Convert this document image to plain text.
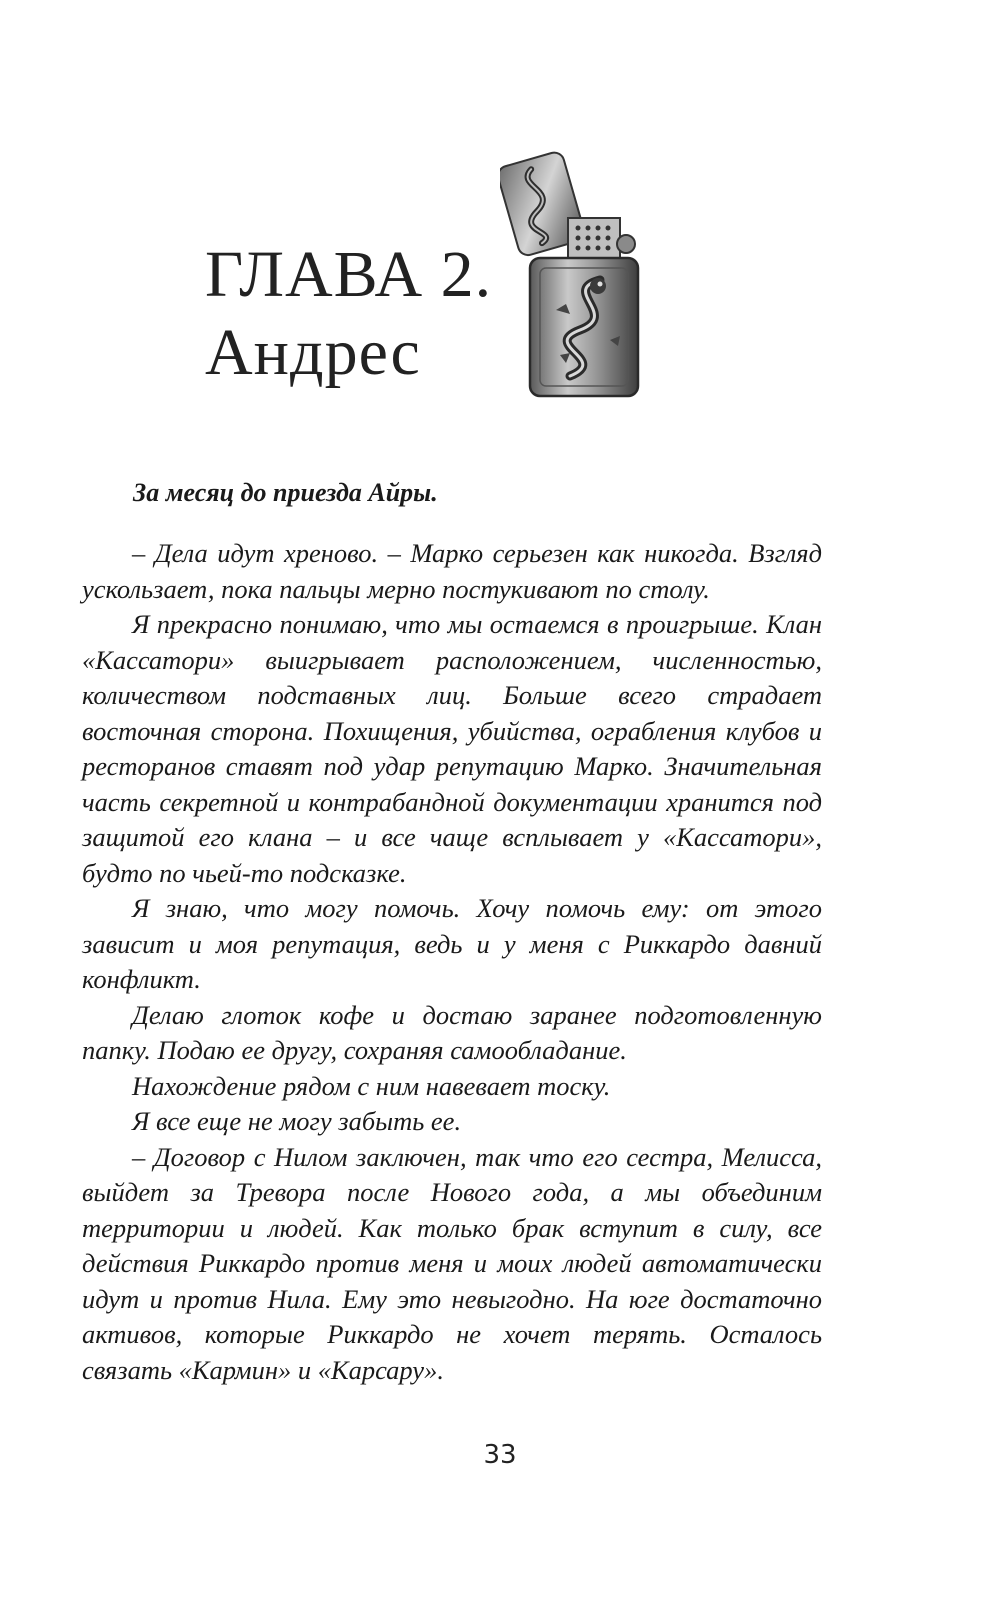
ГЛАВА 2.
Андрес

За месяц до приезда Айры.

– Дела идут хреново. – Марко серьезен как никогда. Взгляд ускользает, пока пальцы мерно постукивают по столу.

Я прекрасно понимаю, что мы остаемся в проигрыше. Клан «Кассатори» выигрывает расположением, численностью, количеством подставных лиц. Больше всего страдает восточная сторона. Похищения, убийства, ограбления клубов и ресторанов ставят под удар репутацию Марко. Значительная часть секретной и контрабандной документации хранится под защитой его клана – и все чаще всплывает у «Кассатори», будто по чьей-то подсказке.

Я знаю, что могу помочь. Хочу помочь ему: от этого зависит и моя репутация, ведь и у меня с Риккардо давний конфликт.

Делаю глоток кофе и достаю заранее подготовленную папку. Подаю ее другу, сохраняя самообладание.

Нахождение рядом с ним навевает тоску.

Я все еще не могу забыть ее.

– Договор с Нилом заключен, так что его сестра, Мелисса, выйдет за Тревора после Нового года, а мы объединим территории и людей. Как только брак вступит в силу, все действия Риккардо против меня и моих людей автоматически идут и против Нила. Ему это невыгодно. На юге достаточно активов, которые Риккардо не хочет терять. Осталось связать «Кармин» и «Карсару».

33
